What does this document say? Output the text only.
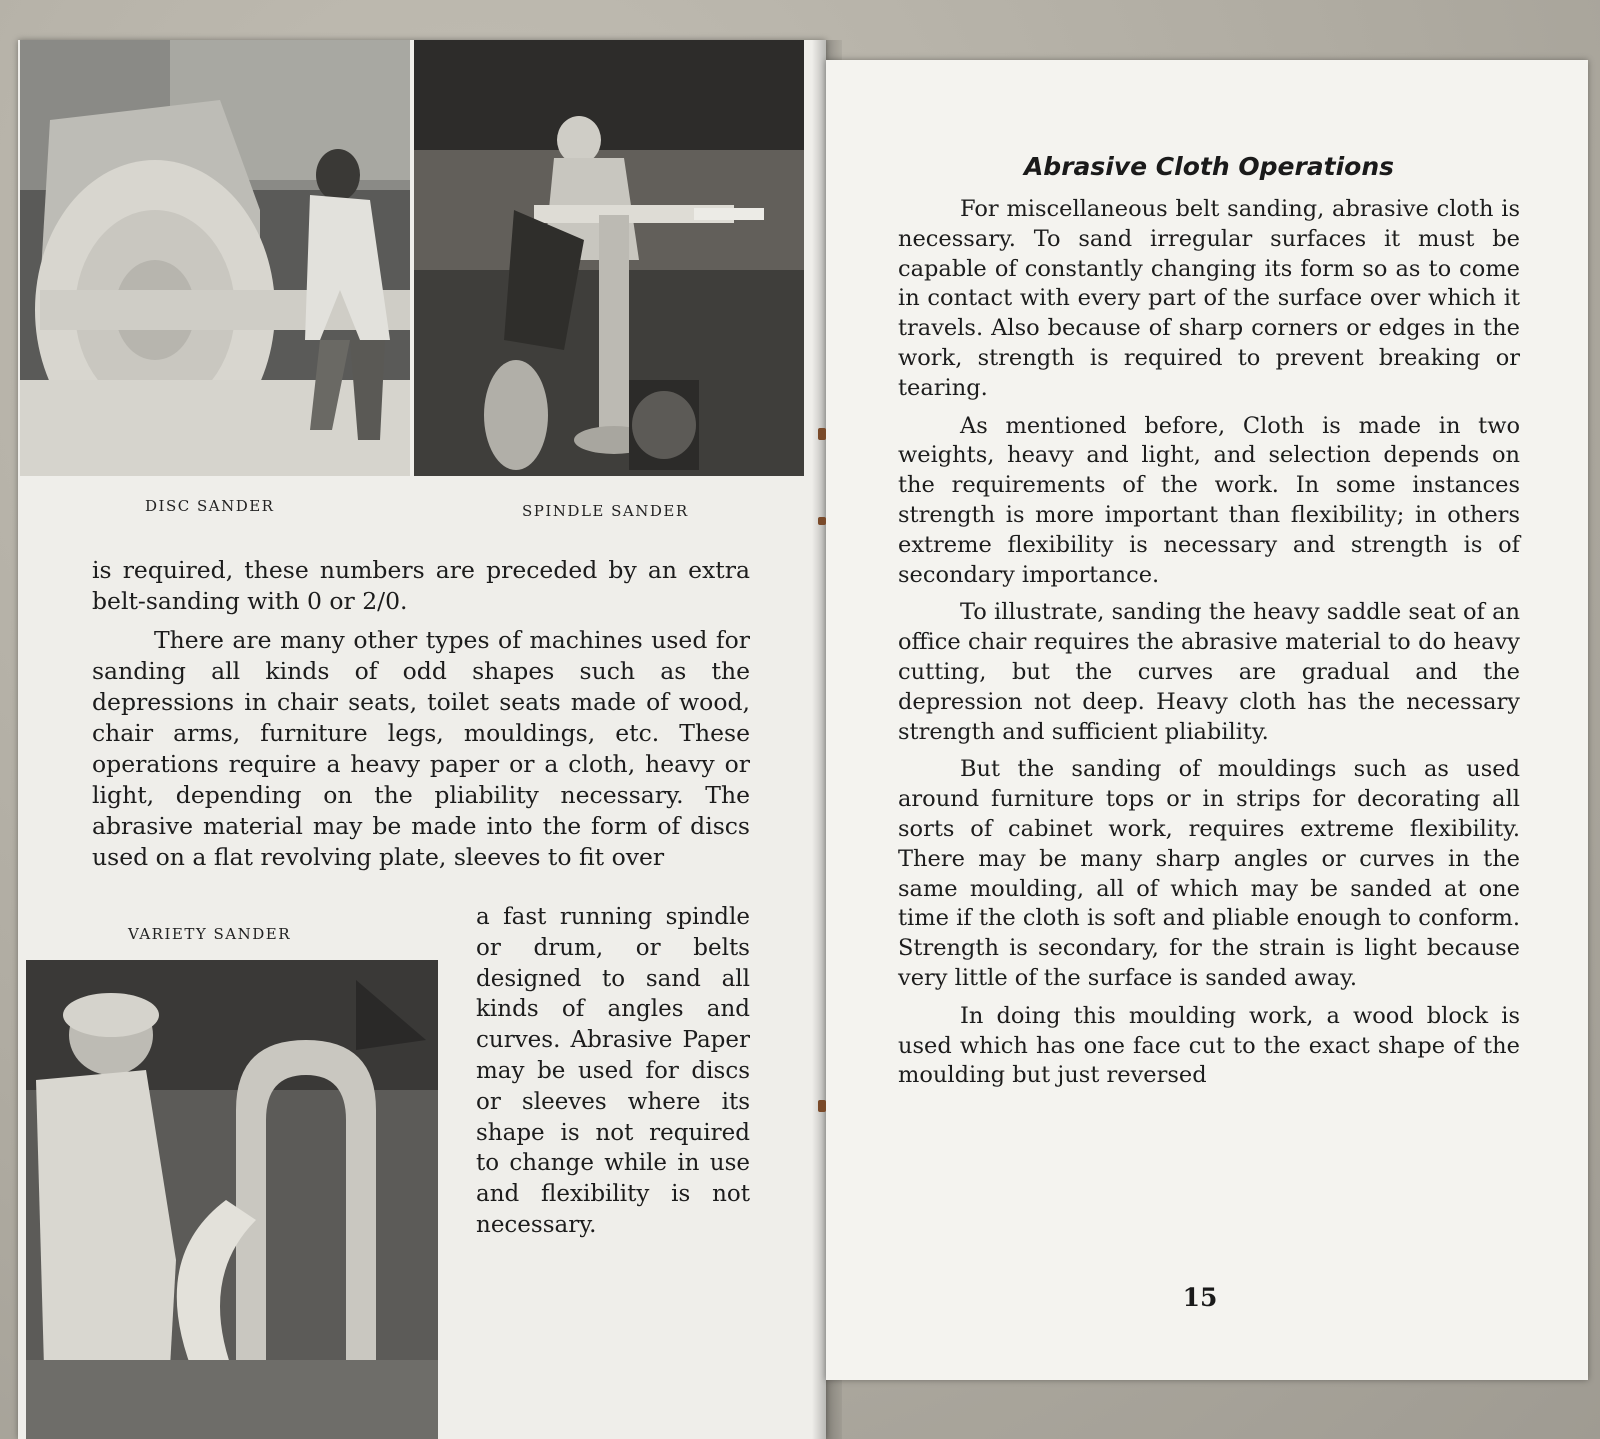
DISC SANDER	SPINDLE SANDER

is required, these numbers are preceded by an extra belt-sanding with 0 or 2/0.

There are many other types of machines used for sanding all kinds of odd shapes such as the depressions in chair seats, toilet seats made of wood, chair arms, furniture legs, mouldings, etc. These operations require a heavy paper or a cloth, heavy or light, depending on the pliability necessary. The abrasive material may be made into the form of discs used on a flat revolving plate, sleeves to fit over

VARIETY SANDER

a fast running spindle or drum, or belts designed to sand all kinds of angles and curves. Abrasive Paper may be used for discs or sleeves where its shape is not required to change while in use and flexibility is not necessary.

Abrasive Cloth Operations

For miscellaneous belt sanding, abrasive cloth is necessary. To sand irregular surfaces it must be capable of constantly changing its form so as to come in contact with every part of the surface over which it travels. Also because of sharp corners or edges in the work, strength is required to prevent breaking or tearing.

As mentioned before, Cloth is made in two weights, heavy and light, and selection depends on the requirements of the work. In some instances strength is more important than flexibility; in others extreme flexibility is necessary and strength is of secondary importance.

To illustrate, sanding the heavy saddle seat of an office chair requires the abrasive material to do heavy cutting, but the curves are gradual and the depression not deep. Heavy cloth has the necessary strength and sufficient pliability.

But the sanding of mouldings such as used around furniture tops or in strips for decorating all sorts of cabinet work, requires extreme flexibility. There may be many sharp angles or curves in the same moulding, all of which may be sanded at one time if the cloth is soft and pliable enough to conform. Strength is secondary, for the strain is light because very little of the surface is sanded away.

In doing this moulding work, a wood block is used which has one face cut to the exact shape of the moulding but just reversed

15
